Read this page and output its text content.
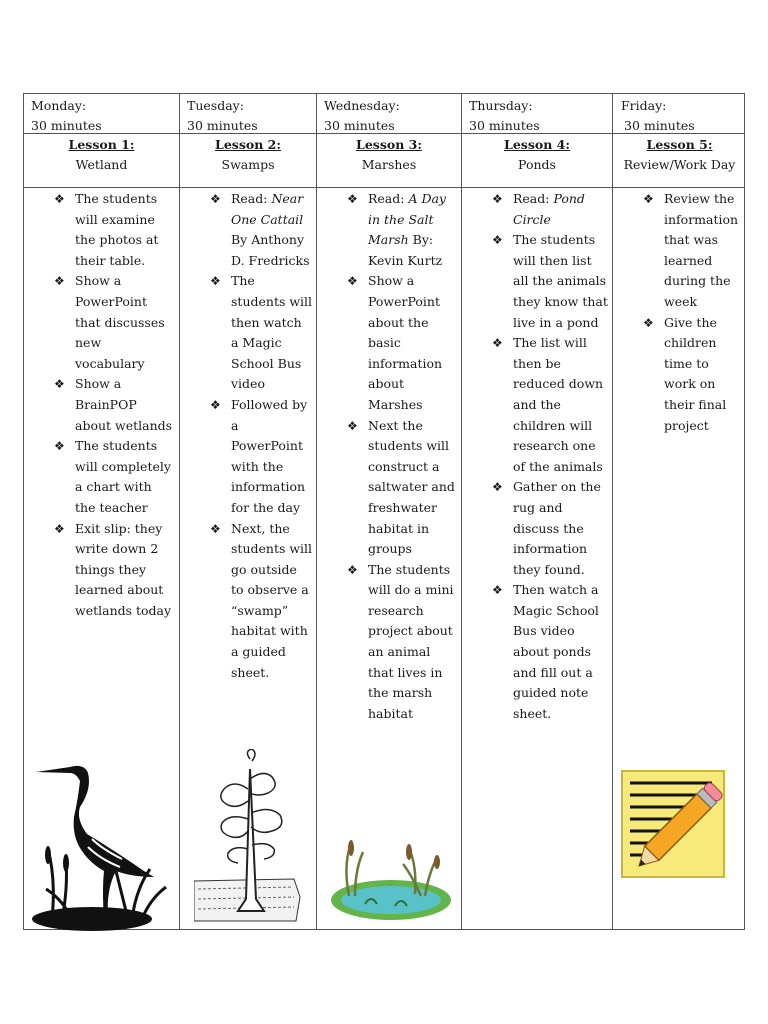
Monday:
30 minutes
Lesson 1:
Wetland
❖ The students will examine the photos at their table.
❖ Show a PowerPoint that discusses new vocabulary
❖ Show a BrainPOP about wetlands
❖ The students will completely a chart with the teacher
❖ Exit slip: they write down 2 things they learned about wetlands today
Tuesday:
30 minutes
Lesson 2:
Swamps
❖ Read: Near One Cattail By Anthony D. Fredricks
❖ The students will then watch a Magic School Bus video
❖ Followed by a PowerPoint with the information for the day
❖ Next, the students will go outside to observe a “swamp” habitat with a guided sheet.
Wednesday:
30 minutes
Lesson 3:
Marshes
❖ Read: A Day in the Salt Marsh By: Kevin Kurtz
❖ Show a PowerPoint about the basic information about Marshes
❖ Next the students will construct a saltwater and freshwater habitat in groups
❖ The students will do a mini research project about an animal that lives in the marsh habitat
Thursday:
30 minutes
Lesson 4:
Ponds
❖ Read: Pond Circle
❖ The students will then list all the animals they know that live in a pond
❖ The list will then be reduced down and the children will research one of the animals
❖ Gather on the rug and discuss the information they found.
❖ Then watch a Magic School Bus video about ponds and fill out a guided note sheet.
Friday:
30 minutes
Lesson 5:
Review/Work Day
❖ Review the information that was learned during the week
❖ Give the children time to work on their final project
